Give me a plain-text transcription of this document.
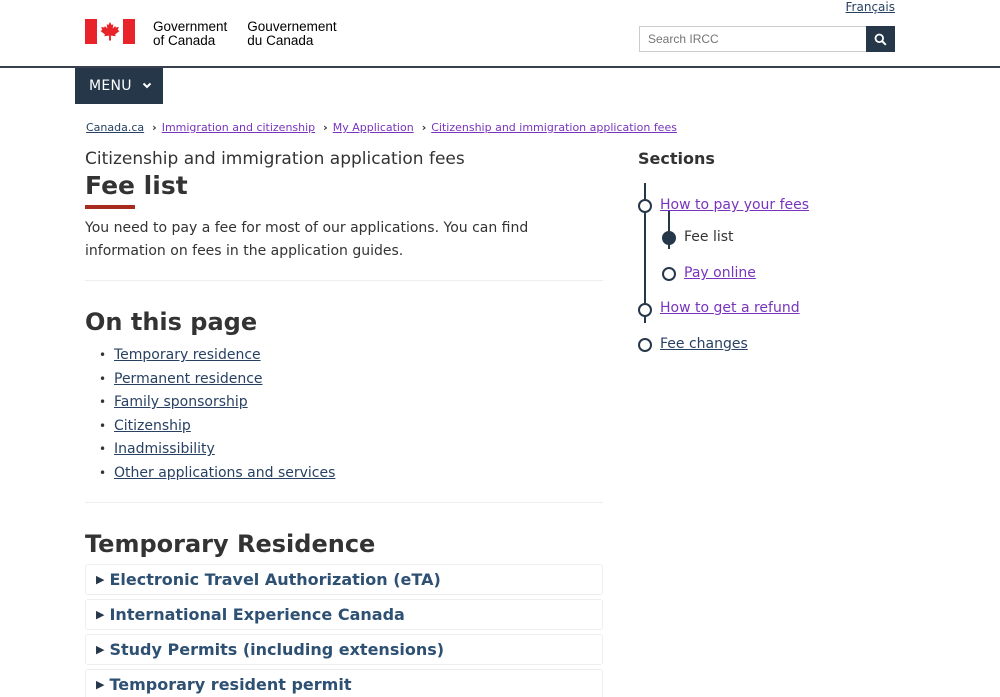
Français
Government
of Canada
Gouvernement
du Canada
Search IRCC
MENU
Canada.ca › Immigration and citizenship › My Application › Citizenship and immigration application fees
Citizenship and immigration application fees
Fee list

You need to pay a fee for most of our applications. You can find information on fees in the application guides.

On this page
• Temporary residence
• Permanent residence
• Family sponsorship
• Citizenship
• Inadmissibility
• Other applications and services
Temporary Residence
▶ Electronic Travel Authorization (eTA)
▶ International Experience Canada
▶ Study Permits (including extensions)
▶ Temporary resident permit
Sections
How to pay your fees
Fee list
Pay online
How to get a refund
Fee changes
